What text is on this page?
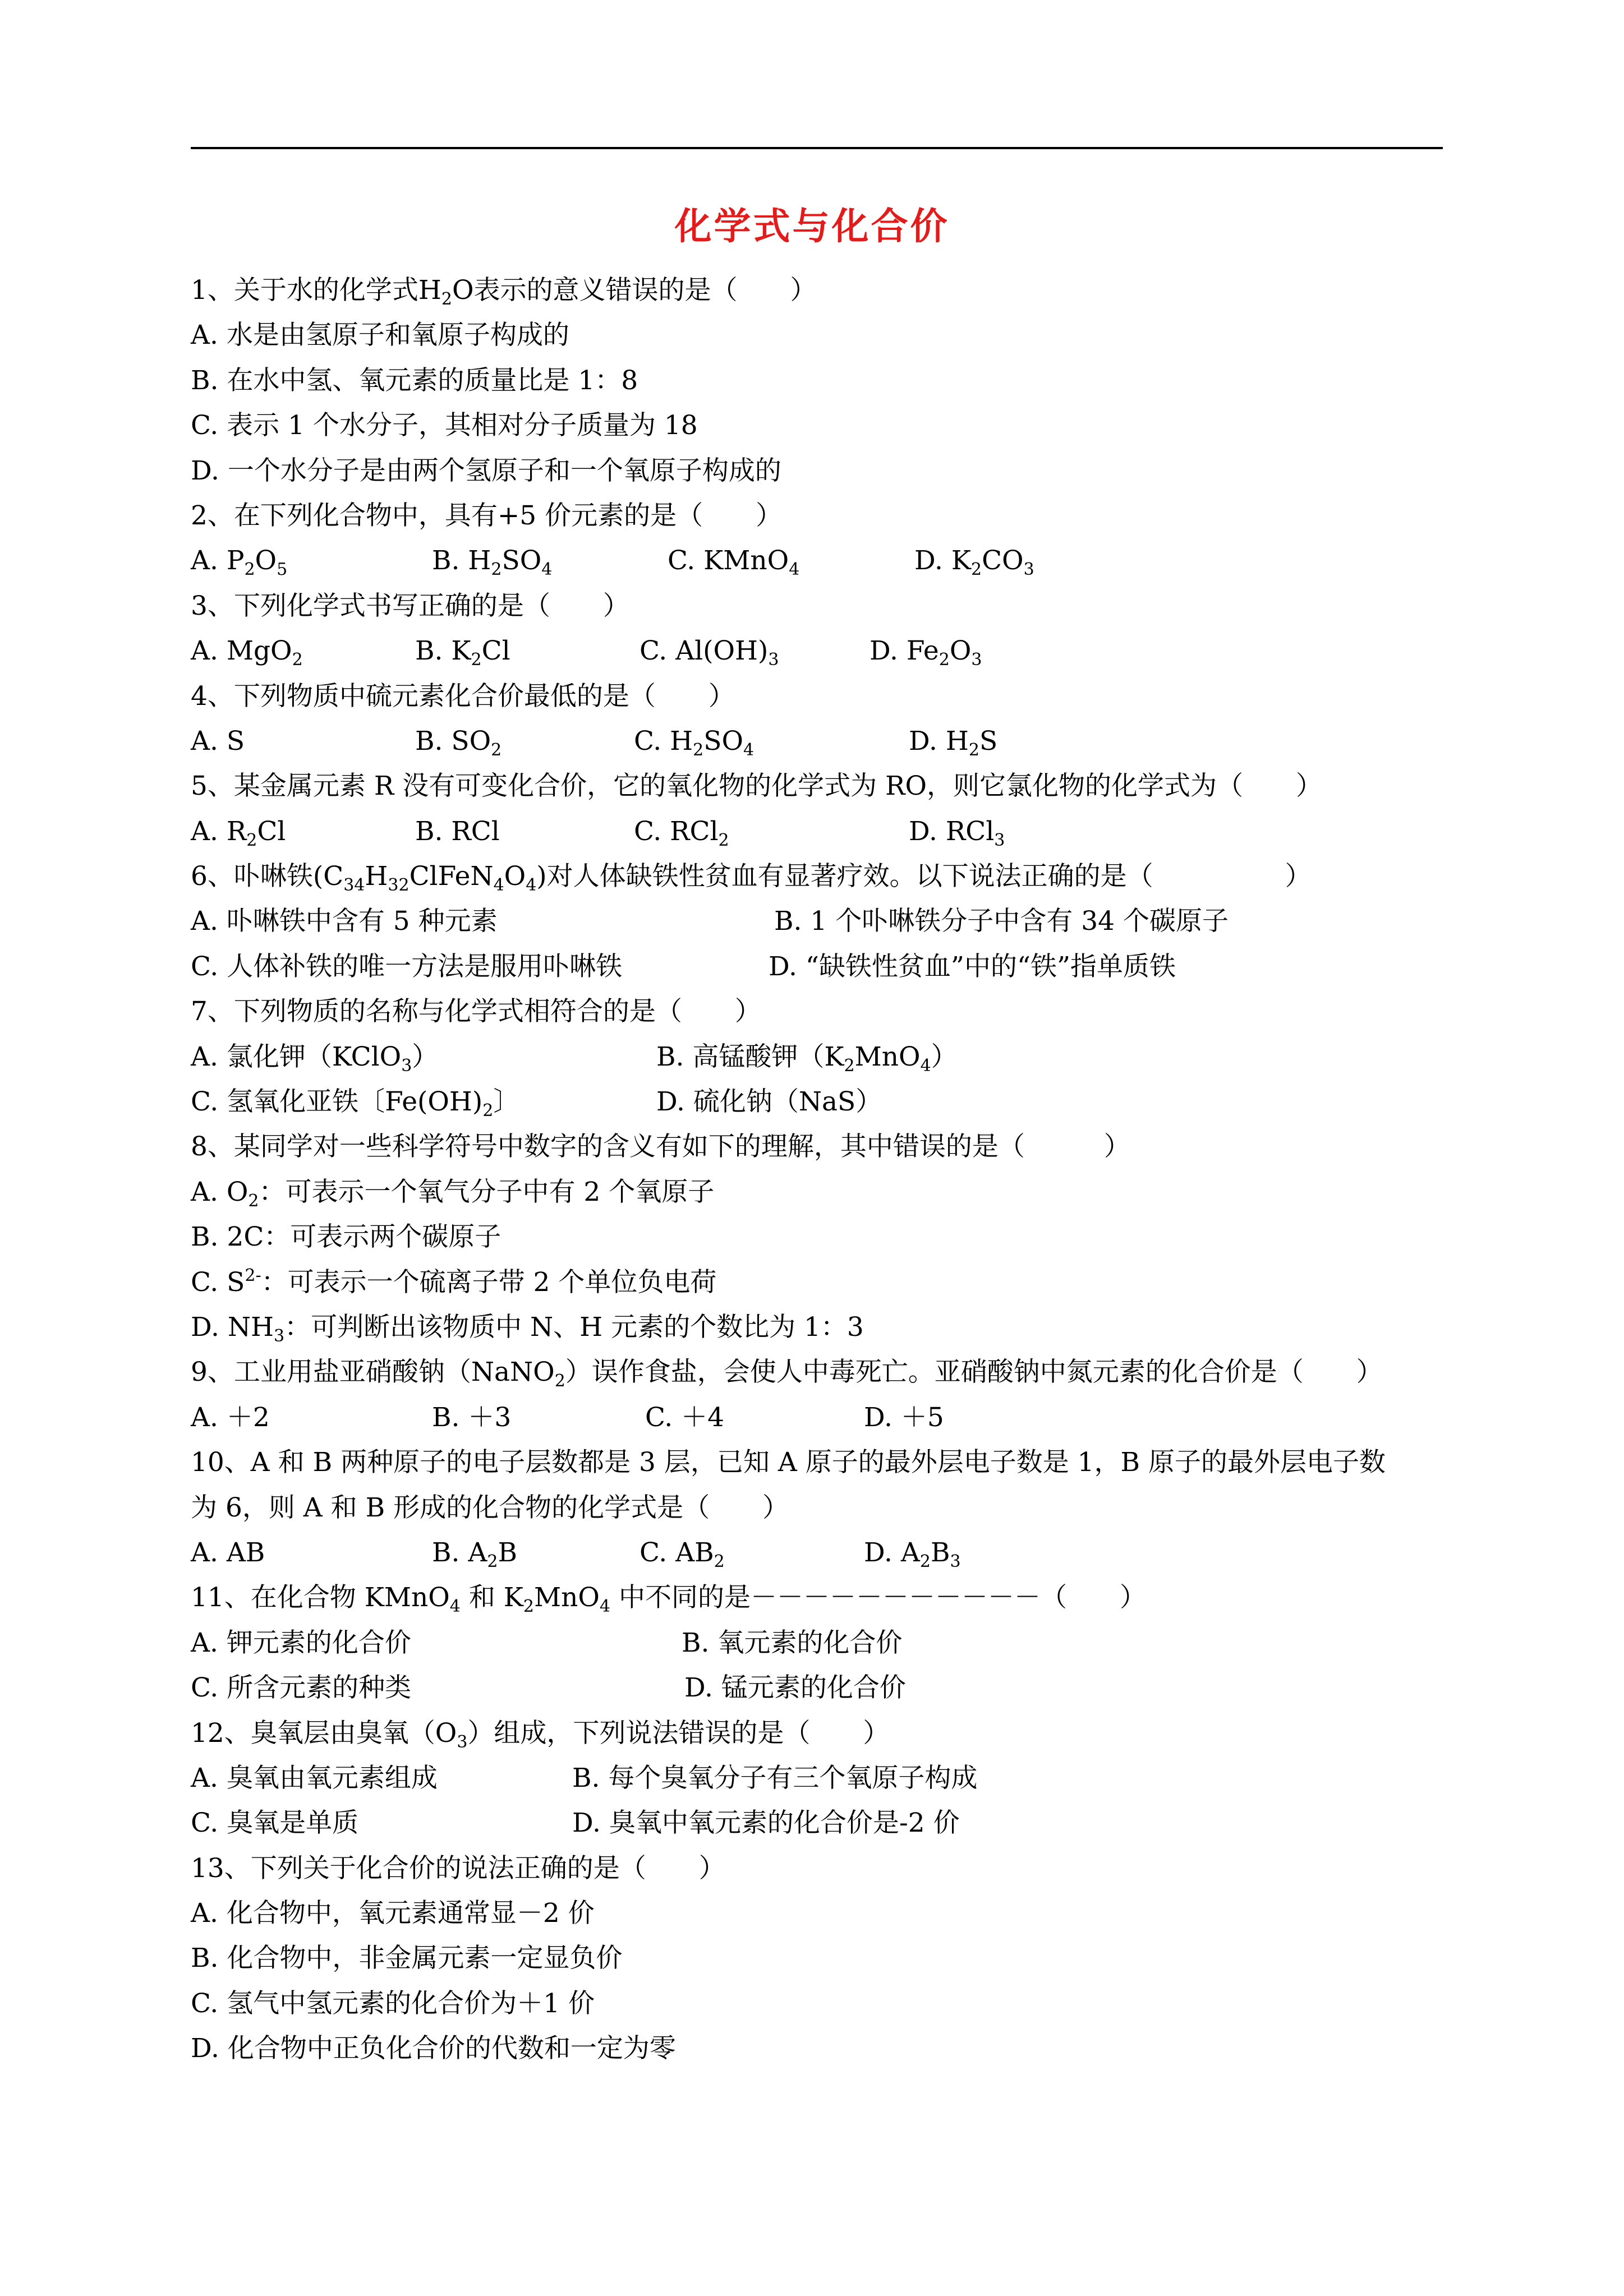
化学式与化合价
1、关于水的化学式$H_2O$表示的意义错误的是（　　）
A. 水是由氢原子和氧原子构成的
B. 在水中氢、氧元素的质量比是 1：8
C. 表示 1 个水分子，其相对分子质量为 18
D. 一个水分子是由两个氢原子和一个氧原子构成的
2、在下列化合物中，具有+5 价元素的是（　　）
A. $P_2O_5$	B. $H_2SO_4$	C. KMnO$_4$	D. $K_2CO_3$
3、下列化学式书写正确的是（　　）
A. MgO$_2$	B. $K_2Cl$	C. $Al(OH)_3$	D. $Fe_2O_3$
4、下列物质中硫元素化合价最低的是（　　）
A. S	B. $SO_2$	C. $H_2SO_4$	D. $H_2S$
5、某金属元素 R 没有可变化合价，它的氧化物的化学式为 RO，则它氯化物的化学式为（　　）
A. $R_2Cl$	B. RCl	C. RCl$_2$	D. RCl$_3$
6、卟啉铁$(C_{34}H_{32}ClFeN_4O_4)$对人体缺铁性贫血有显著疗效。以下说法正确的是（　　　　　）
A. 卟啉铁中含有 5 种元素	B. 1 个卟啉铁分子中含有 34 个碳原子
C. 人体补铁的唯一方法是服用卟啉铁	D. “缺铁性贫血”中的“铁”指单质铁
7、下列物质的名称与化学式相符合的是（　　）
A. 氯化钾（KClO$_3$）	B. 高锰酸钾$(K_2MnO_4)$
C. 氢氧化亚铁〔$Fe(OH)_2$〕	D. 硫化钠（NaS）
8、某同学对一些科学符号中数字的含义有如下的理解，其中错误的是（　　　）
A. $O_2$：可表示一个氧气分子中有 2 个氧原子
B. 2C：可表示两个碳原子
C. $S^{2-}$：可表示一个硫离子带 2 个单位负电荷
D. $NH_3$：可判断出该物质中 N、H 元素的个数比为 1：3
9、工业用盐亚硝酸钠（NaNO$_2$）误作食盐，会使人中毒死亡。亚硝酸钠中氮元素的化合价是（　　）
A. ＋2	B. ＋3	C. ＋4	D. ＋5
10、A 和 B 两种原子的电子层数都是 3 层，已知 A 原子的最外层电子数是 1，B 原子的最外层电子数
为 6，则 A 和 B 形成的化合物的化学式是（　　）
A. AB	B. $A_2B$	C. $AB_2$	D. $A_2B_3$
11、在化合物 KMnO$_4$ 和 $K_2MnO_4$ 中不同的是－－－－－－－－－－－（　　）
A. 钾元素的化合价	B. 氧元素的化合价
C. 所含元素的种类	D. 锰元素的化合价
12、臭氧层由臭氧$(O_3)$组成，下列说法错误的是（　　）
A. 臭氧由氧元素组成	B. 每个臭氧分子有三个氧原子构成
C. 臭氧是单质	D. 臭氧中氧元素的化合价是-2 价
13、下列关于化合价的说法正确的是（　　）
A. 化合物中，氧元素通常显－2 价
B. 化合物中，非金属元素一定显负价
C. 氢气中氢元素的化合价为＋1 价
D. 化合物中正负化合价的代数和一定为零
